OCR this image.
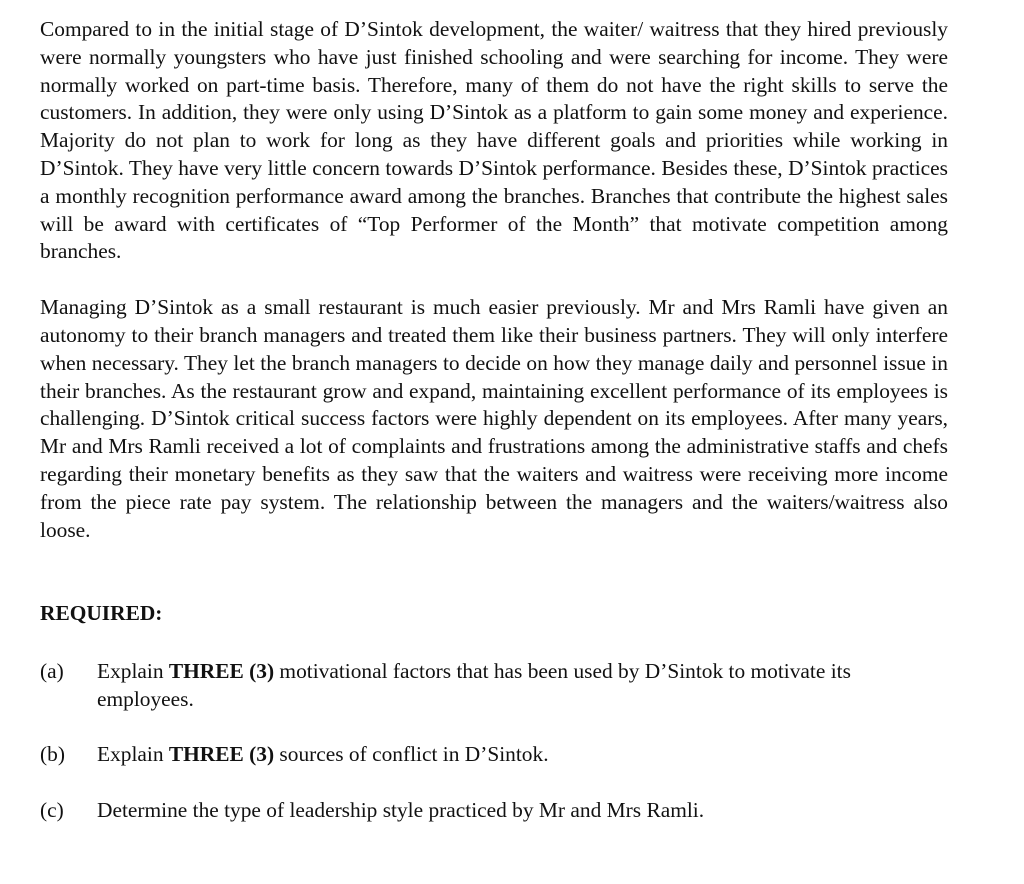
Compared to in the initial stage of D’Sintok development, the waiter/ waitress that they hired previously were normally youngsters who have just finished schooling and were searching for income. They were normally worked on part-time basis. Therefore, many of them do not have the right skills to serve the customers. In addition, they were only using D’Sintok as a platform to gain some money and experience. Majority do not plan to work for long as they have different goals and priorities while working in D’Sintok. They have very little concern towards D’Sintok performance. Besides these, D’Sintok practices a monthly recognition performance award among the branches. Branches that contribute the highest sales will be award with certificates of “Top Performer of the Month” that motivate competition among branches.

Managing D’Sintok as a small restaurant is much easier previously. Mr and Mrs Ramli have given an autonomy to their branch managers and treated them like their business partners. They will only interfere when necessary. They let the branch managers to decide on how they manage daily and personnel issue in their branches. As the restaurant grow and expand, maintaining excellent performance of its employees is challenging. D’Sintok critical success factors were highly dependent on its employees. After many years, Mr and Mrs Ramli received a lot of complaints and frustrations among the administrative staffs and chefs regarding their monetary benefits as they saw that the waiters and waitress were receiving more income from the piece rate pay system. The relationship between the managers and the waiters/waitress also loose.

REQUIRED:

(a) Explain THREE (3) motivational factors that has been used by D’Sintok to motivate its employees.
(b) Explain THREE (3) sources of conflict in D’Sintok.
(c) Determine the type of leadership style practiced by Mr and Mrs Ramli.
